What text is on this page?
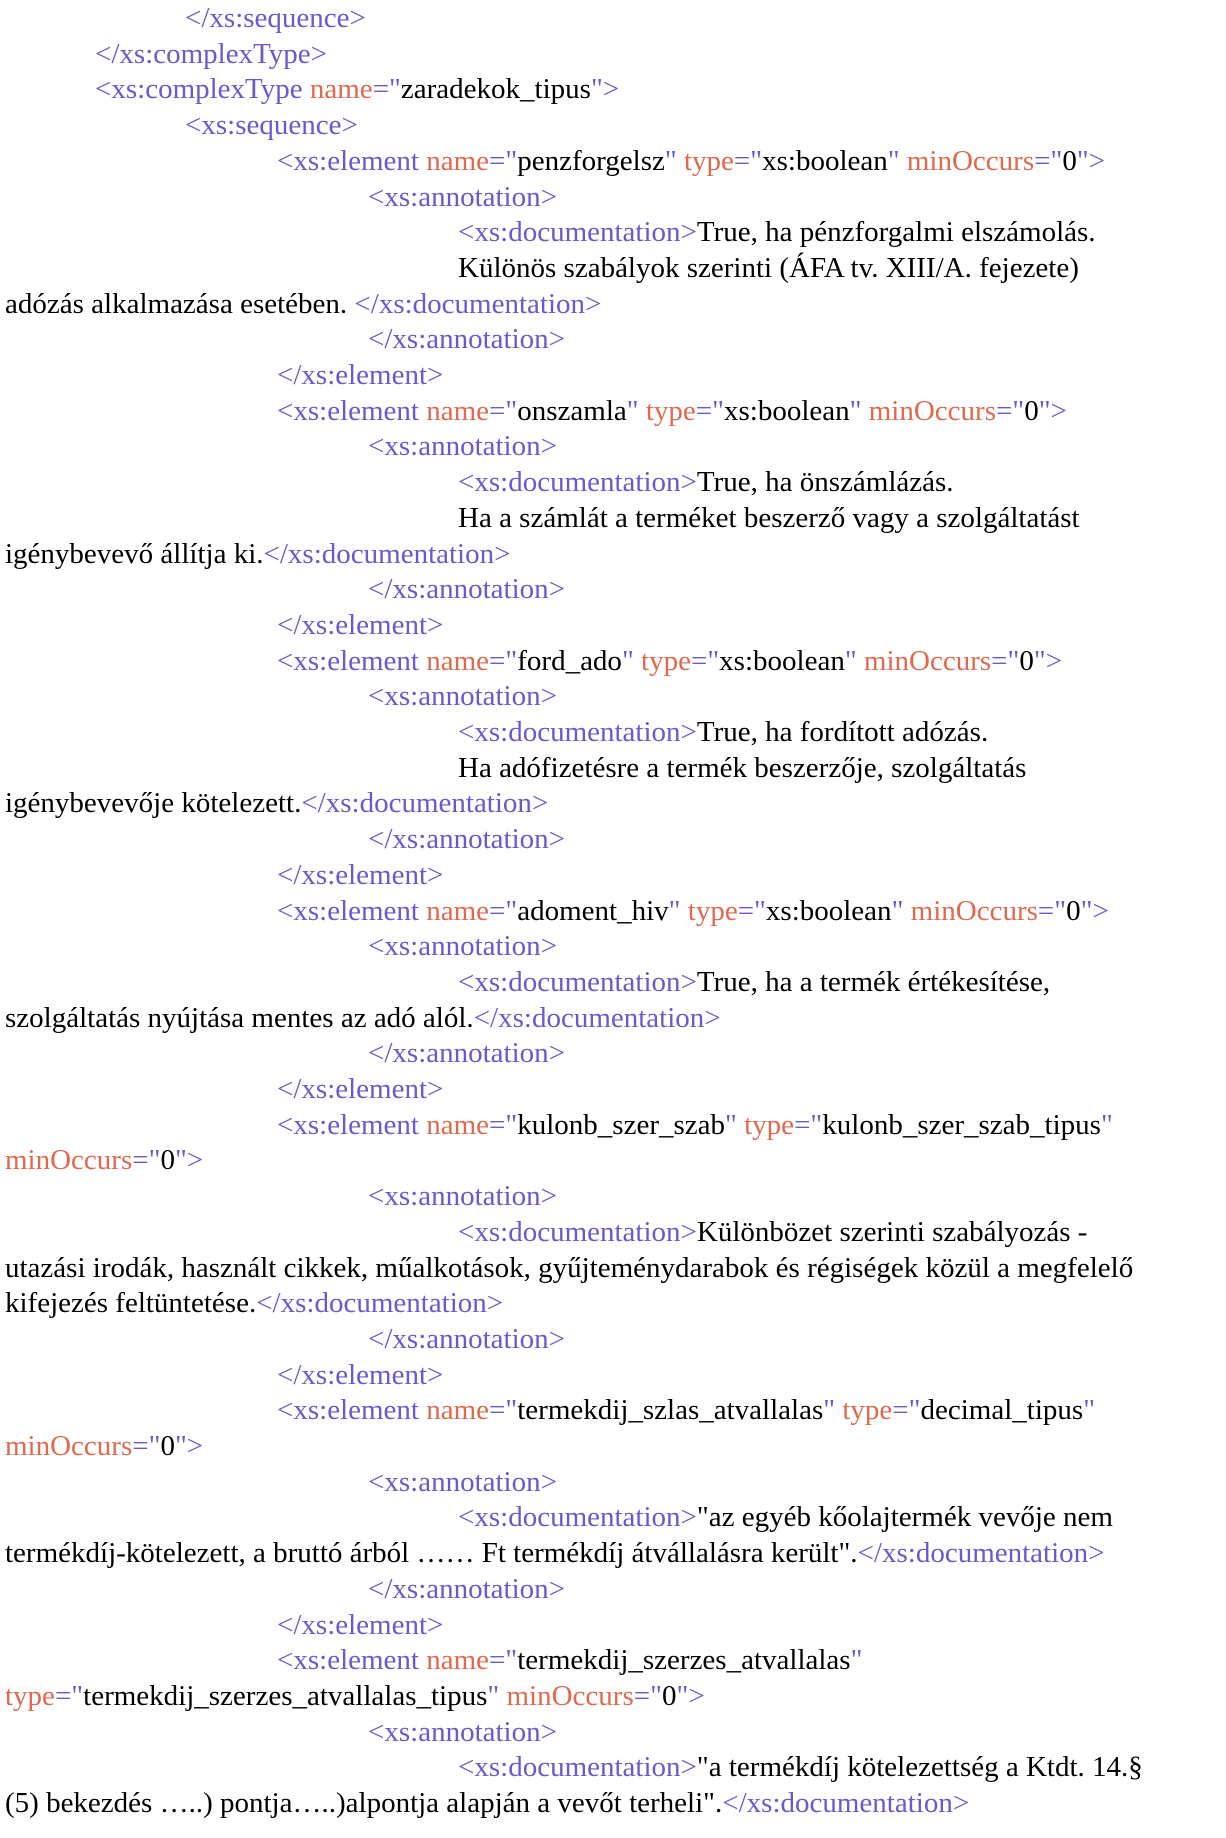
</xs:sequence>
</xs:complexType>
<xs:complexType name="zaradekok_tipus">
<xs:sequence>
<xs:element name="penzforgelsz" type="xs:boolean" minOccurs="0">
<xs:annotation>
<xs:documentation>True, ha pénzforgalmi elszámolás.
Különös szabályok szerinti (ÁFA tv. XIII/A. fejezete)
adózás alkalmazása esetében. </xs:documentation>
</xs:annotation>
</xs:element>
<xs:element name="onszamla" type="xs:boolean" minOccurs="0">
<xs:annotation>
<xs:documentation>True, ha önszámlázás.
Ha a számlát a terméket beszerző vagy a szolgáltatást
igénybevevő állítja ki.</xs:documentation>
</xs:annotation>
</xs:element>
<xs:element name="ford_ado" type="xs:boolean" minOccurs="0">
<xs:annotation>
<xs:documentation>True, ha fordított adózás.
Ha adófizetésre a termék beszerzője, szolgáltatás
igénybevevője kötelezett.</xs:documentation>
</xs:annotation>
</xs:element>
<xs:element name="adoment_hiv" type="xs:boolean" minOccurs="0">
<xs:annotation>
<xs:documentation>True, ha a termék értékesítése,
szolgáltatás nyújtása mentes az adó alól.</xs:documentation>
</xs:annotation>
</xs:element>
<xs:element name="kulonb_szer_szab" type="kulonb_szer_szab_tipus"
minOccurs="0">
<xs:annotation>
<xs:documentation>Különbözet szerinti szabályozás -
utazási irodák, használt cikkek, műalkotások, gyűjteménydarabok és régiségek közül a megfelelő
kifejezés feltüntetése.</xs:documentation>
</xs:annotation>
</xs:element>
<xs:element name="termekdij_szlas_atvallalas" type="decimal_tipus"
minOccurs="0">
<xs:annotation>
<xs:documentation>"az egyéb kőolajtermék vevője nem
termékdíj-kötelezett, a bruttó árból …… Ft termékdíj átvállalásra került".</xs:documentation>
</xs:annotation>
</xs:element>
<xs:element name="termekdij_szerzes_atvallalas"
type="termekdij_szerzes_atvallalas_tipus" minOccurs="0">
<xs:annotation>
<xs:documentation>"a termékdíj kötelezettség a Ktdt. 14.§
(5) bekezdés …..) pontja…..)alpontja alapján a vevőt terheli".</xs:documentation>
